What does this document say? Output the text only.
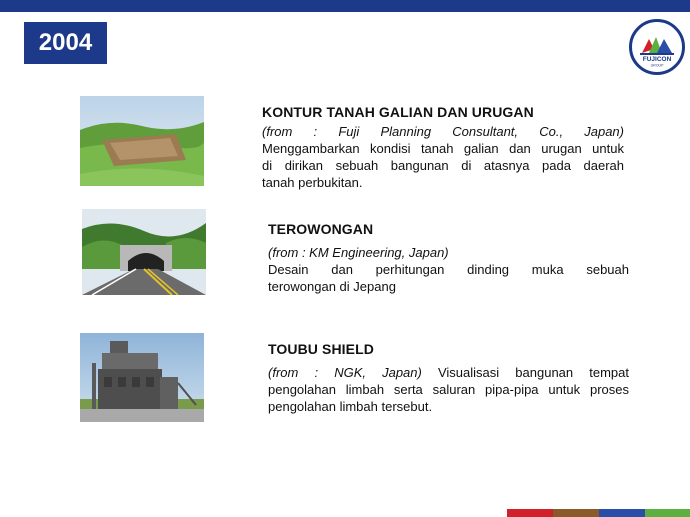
2004
FUJICON
GROUP
KONTUR TANAH GALIAN DAN URUGAN
(from : Fuji Planning Consultant, Co., Japan)
Menggambarkan kondisi tanah galian dan urugan untuk
di dirikan sebuah bangunan di atasnya pada daerah
tanah perbukitan.
TEROWONGAN
(from : KM Engineering, Japan)
Desain dan perhitungan dinding muka sebuah
terowongan di Jepang
TOUBU SHIELD
(from : NGK, Japan) Visualisasi bangunan tempat
pengolahan limbah serta saluran pipa-pipa untuk proses
pengolahan limbah tersebut.
